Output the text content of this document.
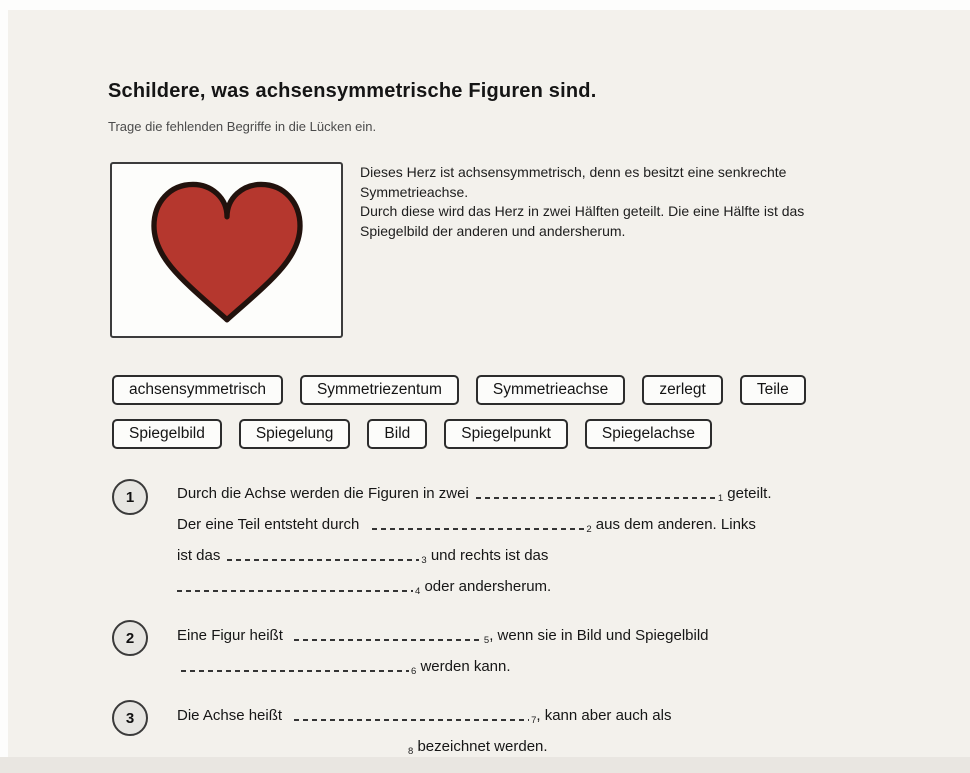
Schildere, was achsensymmetrische Figuren sind.
Trage die fehlenden Begriffe in die Lücken ein.
Dieses Herz ist achsensymmetrisch, denn es besitzt eine senkrechte
Symmetrieachse.
Durch diese wird das Herz in zwei Hälften geteilt. Die eine Hälfte ist das
Spiegelbild der anderen und andersherum.
achsensymmetrisch	Symmetriezentum	Symmetrieachse	zerlegt	Teile
Spiegelbild	Spiegelung	Bild	Spiegelpunkt	Spiegelachse
1	Durch die Achse werden die Figuren in zwei	$_1$ geteilt.
Der eine Teil entsteht durch	$_2$ aus dem anderen. Links
ist das	$_3$ und rechts ist das
$_4$ oder andersherum.
2	Eine Figur heißt	$_5$, wenn sie in Bild und Spiegelbild
$_6$ werden kann.
3	Die Achse heißt	$_7$, kann aber auch als
$_8$ bezeichnet werden.
